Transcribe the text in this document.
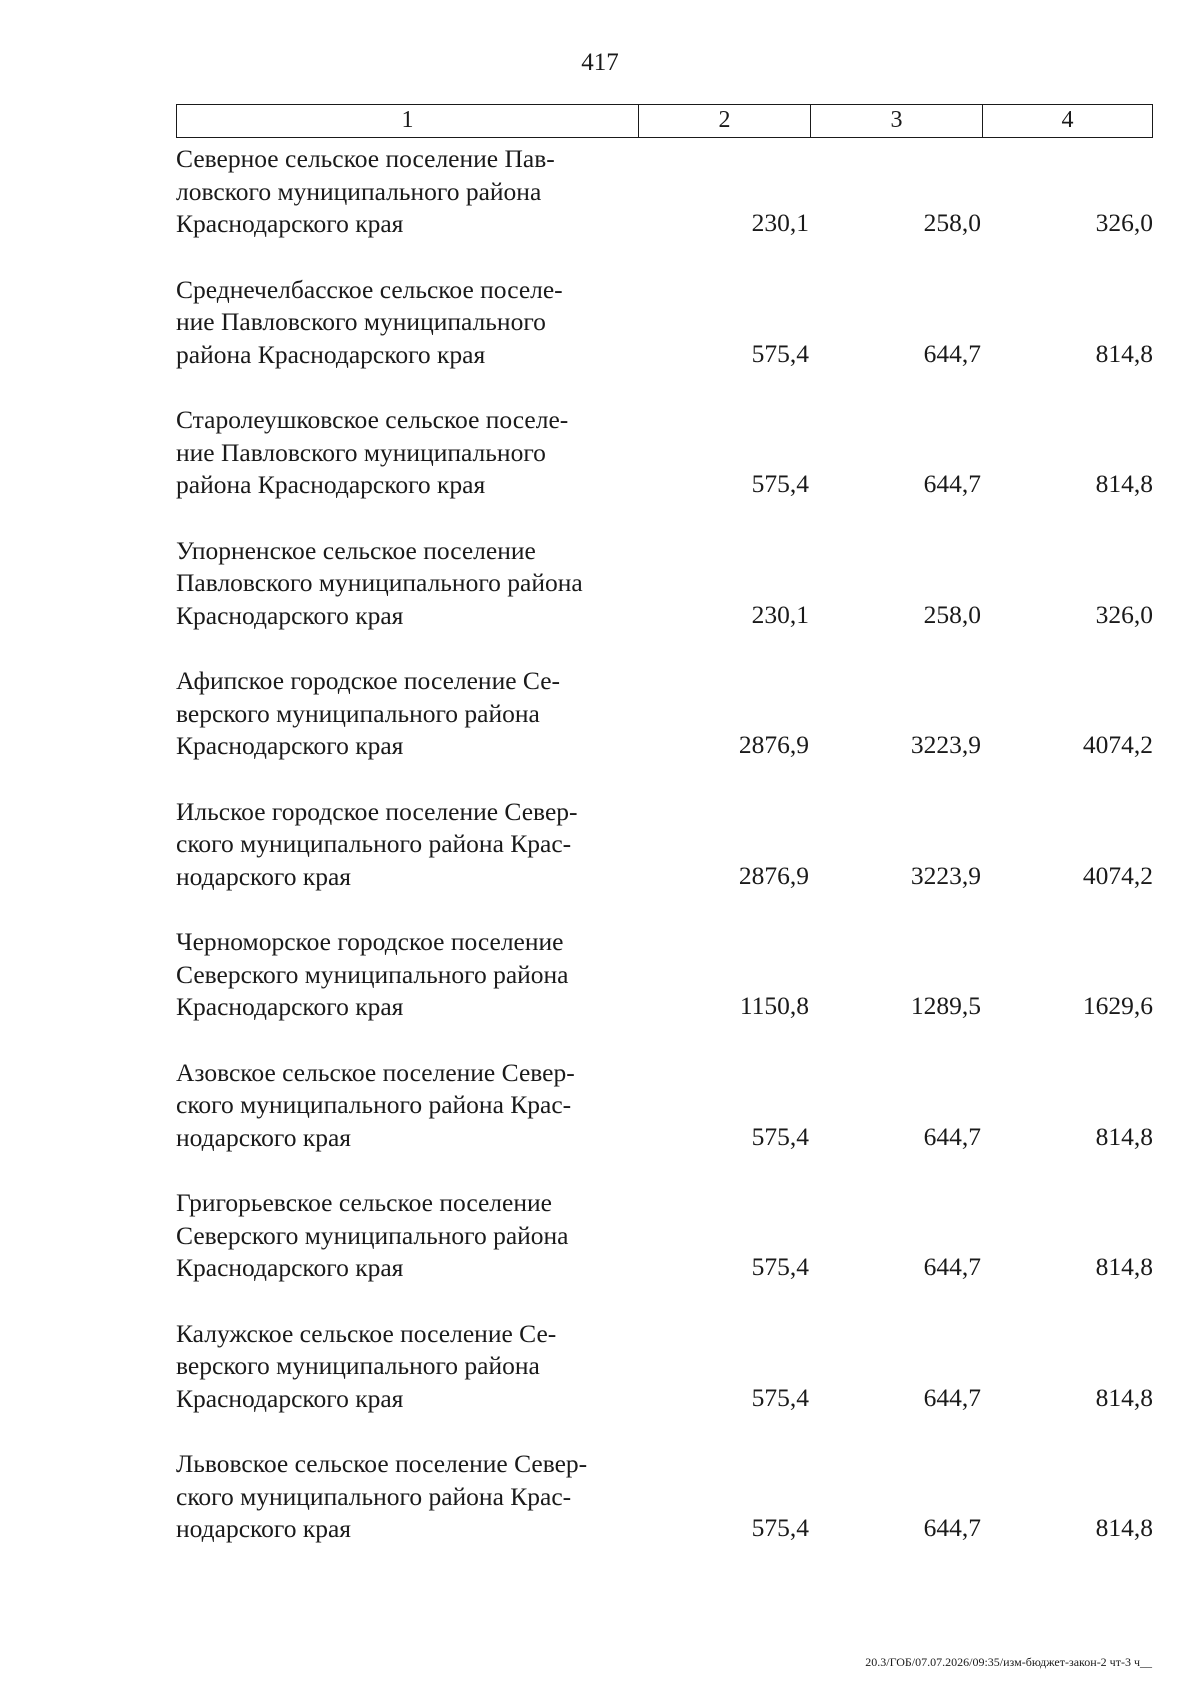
417
1	2	3	4
Северное сельское поселение Пав-
ловского муниципального района
Краснодарского края	230,1	258,0	326,0
Среднечелбасское сельское поселе-
ние Павловского муниципального
района Краснодарского края	575,4	644,7	814,8
Старолеушковское сельское поселе-
ние Павловского муниципального
района Краснодарского края	575,4	644,7	814,8
Упорненское сельское поселение
Павловского муниципального района
Краснодарского края	230,1	258,0	326,0
Афипское городское поселение Се-
верского муниципального района
Краснодарского края	2876,9	3223,9	4074,2
Ильское городское поселение Север-
ского муниципального района Крас-
нодарского края	2876,9	3223,9	4074,2
Черноморское городское поселение
Северского муниципального района
Краснодарского края	1150,8	1289,5	1629,6
Азовское сельское поселение Север-
ского муниципального района Крас-
нодарского края	575,4	644,7	814,8
Григорьевское сельское поселение
Северского муниципального района
Краснодарского края	575,4	644,7	814,8
Калужское сельское поселение Се-
верского муниципального района
Краснодарского края	575,4	644,7	814,8
Львовское сельское поселение Север-
ского муниципального района Крас-
нодарского края	575,4	644,7	814,8
20.3/ГОБ/07.07.2026/09:35/изм-бюджет-закон-2 чт-3 ч__
